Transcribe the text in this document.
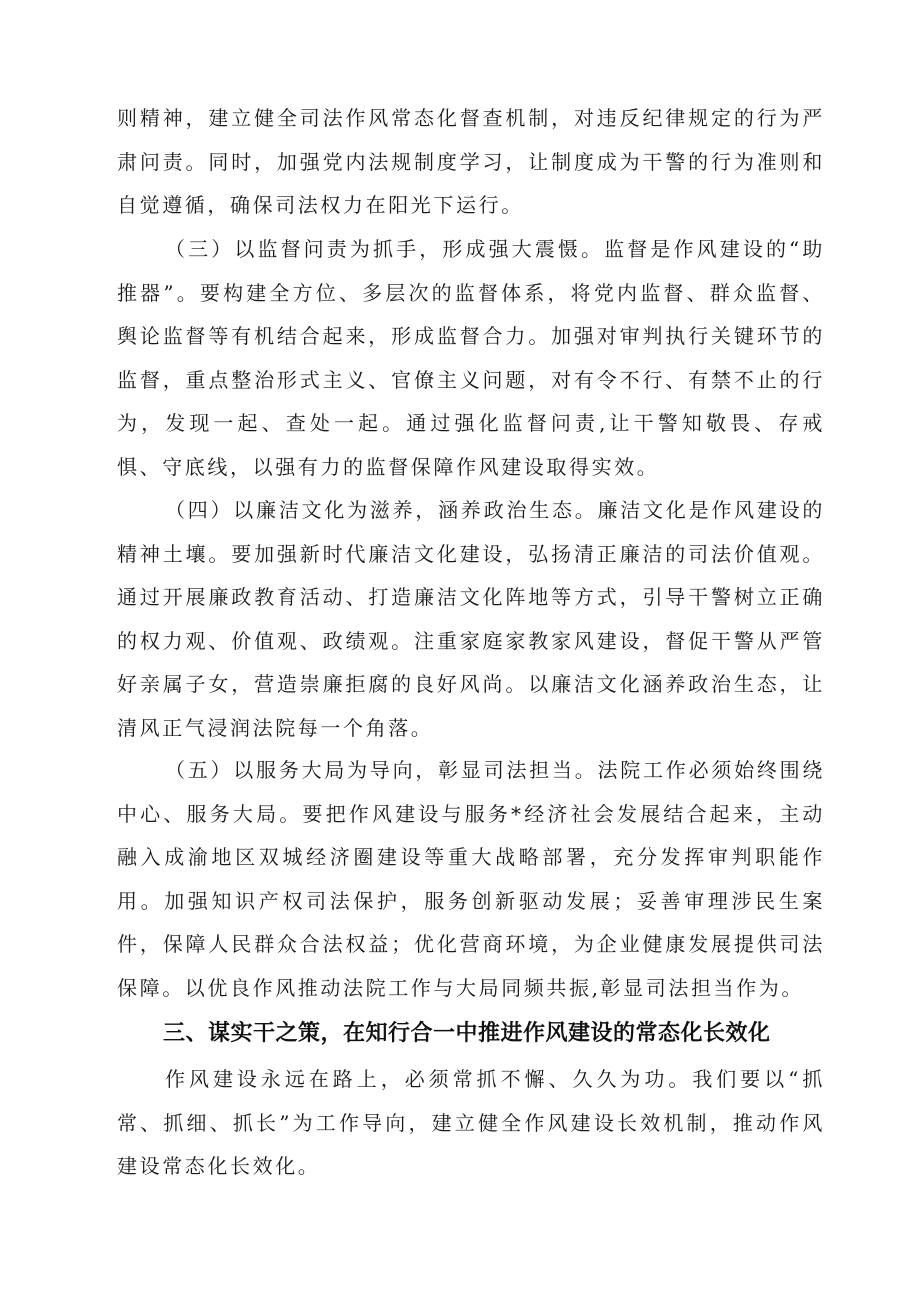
则精神，建立健全司法作风常态化督查机制，对违反纪律规定的行为严肃问责。同时，加强党内法规制度学习，让制度成为干警的行为准则和自觉遵循，确保司法权力在阳光下运行。

（三）以监督问责为抓手，形成强大震慑。监督是作风建设的“助推器”。要构建全方位、多层次的监督体系，将党内监督、群众监督、舆论监督等有机结合起来，形成监督合力。加强对审判执行关键环节的监督，重点整治形式主义、官僚主义问题，对有令不行、有禁不止的行为，发现一起、查处一起。通过强化监督问责,让干警知敬畏、存戒惧、守底线，以强有力的监督保障作风建设取得实效。

（四）以廉洁文化为滋养，涵养政治生态。廉洁文化是作风建设的精神土壤。要加强新时代廉洁文化建设，弘扬清正廉洁的司法价值观。通过开展廉政教育活动、打造廉洁文化阵地等方式，引导干警树立正确的权力观、价值观、政绩观。注重家庭家教家风建设，督促干警从严管好亲属子女，营造崇廉拒腐的良好风尚。以廉洁文化涵养政治生态，让清风正气浸润法院每一个角落。

（五）以服务大局为导向，彰显司法担当。法院工作必须始终围绕中心、服务大局。要把作风建设与服务*经济社会发展结合起来，主动融入成渝地区双城经济圈建设等重大战略部署，充分发挥审判职能作用。加强知识产权司法保护，服务创新驱动发展；妥善审理涉民生案件，保障人民群众合法权益；优化营商环境，为企业健康发展提供司法保障。以优良作风推动法院工作与大局同频共振,彰显司法担当作为。

三、谋实干之策，在知行合一中推进作风建设的常态化长效化

作风建设永远在路上，必须常抓不懈、久久为功。我们要以“抓常、抓细、抓长”为工作导向，建立健全作风建设长效机制，推动作风建设常态化长效化。
